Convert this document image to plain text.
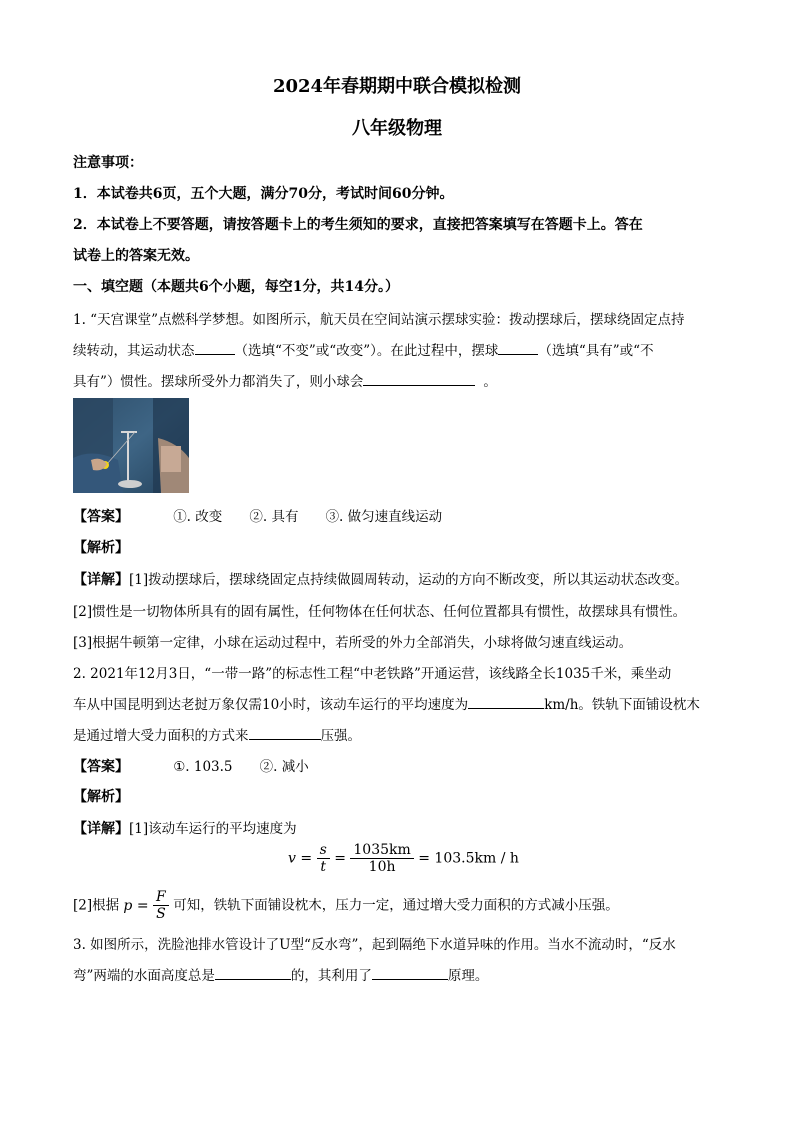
2024年春期期中联合模拟检测
八年级物理
注意事项：
1．本试卷共6页，五个大题，满分70分，考试时间60分钟。
2．本试卷上不要答题，请按答题卡上的考生须知的要求，直接把答案填写在答题卡上。答在
试卷上的答案无效。
一、填空题（本题共6个小题，每空1分，共14分。）
1. “天宫课堂”点燃科学梦想。如图所示，航天员在空间站演示摆球实验：拨动摆球后，摆球绕固定点持
续转动，其运动状态	（选填“不变”或“改变”）。在此过程中，摆球	（选填“具有”或“不
具有”）惯性。摆球所受外力都消失了，则小球会	。
【答案】	①. 改变 ②. 具有 ③. 做匀速直线运动
【解析】
【详解】[1]拨动摆球后，摆球绕固定点持续做圆周转动，运动的方向不断改变，所以其运动状态改变。
[2]惯性是一切物体所具有的固有属性，任何物体在任何状态、任何位置都具有惯性，故摆球具有惯性。
[3]根据牛顿第一定律，小球在运动过程中，若所受的外力全部消失，小球将做匀速直线运动。
2. 2021年12月3日，“一带一路”的标志性工程“中老铁路”开通运营，该线路全长1035千米，乘坐动
车从中国昆明到达老挝万象仅需10小时，该动车运行的平均速度为	km/h。铁轨下面铺设枕木
是通过增大受力面积的方式来	压强。
【答案】	①. 103.5 ②. 减小
【解析】
【详解】[1]该动车运行的平均速度为
$v = \frac{s}{t} = \frac{1035km}{10h} = 103.5km / h$
[2]根据 $p = \frac{F}{S}$ 可知，铁轨下面铺设枕木，压力一定，通过增大受力面积的方式减小压强。
3. 如图所示，洗脸池排水管设计了U型“反水弯”，起到隔绝下水道异味的作用。当水不流动时，“反水
弯”两端的水面高度总是	的，其利用了	原理。
